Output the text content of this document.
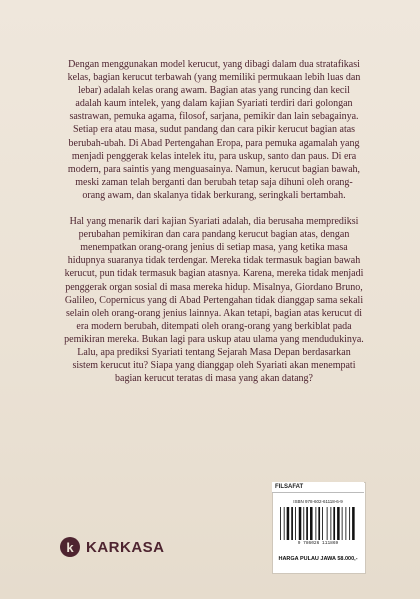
Dengan menggunakan model kerucut, yang dibagi dalam dua stratafikasi kelas, bagian kerucut terbawah (yang memiliki permukaan lebih luas dan lebar) adalah kelas orang awam. Bagian atas yang runcing dan kecil adalah kaum intelek, yang dalam kajian Syariati terdiri dari golongan sastrawan, pemuka agama, filosof, sarjana, pemikir dan lain sebagainya. Setiap era atau masa, sudut pandang dan cara pikir kerucut bagian atas berubah-ubah. Di Abad Pertengahan Eropa, para pemuka agamalah yang menjadi penggerak kelas intelek itu, para uskup, santo dan paus. Di era modern, para saintis yang menguasainya. Namun, kerucut bagian bawah, meski zaman telah berganti dan berubah tetap saja dihuni oleh orang-orang awam, dan skalanya tidak berkurang, seringkali bertambah.

Hal yang menarik dari kajian Syariati adalah, dia berusaha memprediksi perubahan pemikiran dan cara pandang kerucut bagian atas, dengan menempatkan orang-orang jenius di setiap masa, yang ketika masa hidupnya suaranya tidak terdengar. Mereka tidak termasuk bagian bawah kerucut, pun tidak termasuk bagian atasnya. Karena, mereka tidak menjadi penggerak organ sosial di masa mereka hidup. Misalnya, Giordano Bruno, Galileo, Copernicus yang di Abad Pertengahan tidak dianggap sama sekali selain oleh orang-orang jenius lainnya. Akan tetapi, bagian atas kerucut di era modern berubah, ditempati oleh orang-orang yang berkiblat pada pemikiran mereka. Bukan lagi para uskup atau ulama yang mendudukinya. Lalu, apa prediksi Syariati tentang Sejarah Masa Depan berdasarkan sistem kerucut itu? Siapa yang dianggap oleh Syariati akan menempati bagian kerucut teratas di masa yang akan datang?

k KARKASA
FILSAFAT
ISBN 978-602-61118-6-9
9 786026 111869
HARGA PULAU JAWA 58.000,-
